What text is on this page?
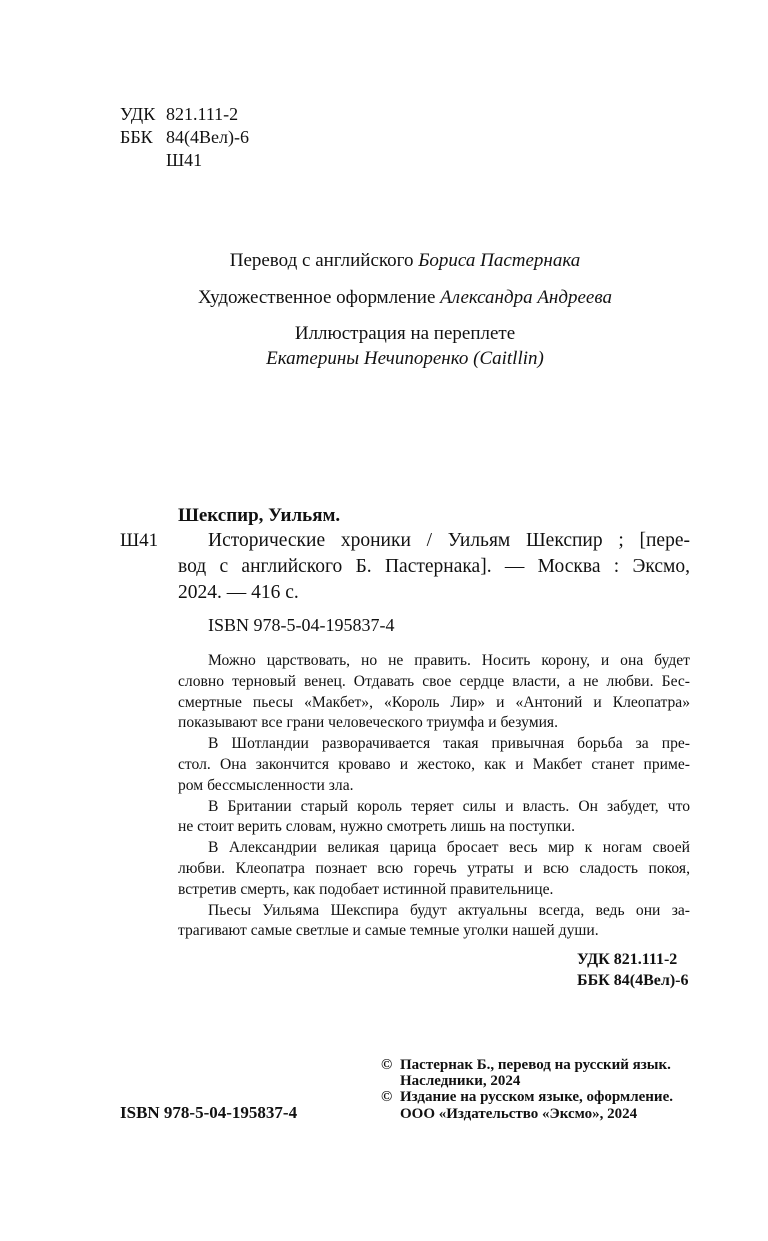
УДК 821.111-2
ББК 84(4Вел)-6
Ш41
Перевод с английского Бориса Пастернака
Художественное оформление Александра Андреева
Иллюстрация на переплете
Екатерины Нечипоренко (Caitllin)
Шекспир, Уильям.
Ш41	Исторические хроники / Уильям Шекспир ; [пере-
вод с английского Б. Пастернака]. — Москва : Эксмо,
2024. — 416 с.
ISBN 978-5-04-195837-4

Можно царствовать, но не править. Носить корону, и она будет
словно терновый венец. Отдавать свое сердце власти, а не любви. Бес-
смертные пьесы «Макбет», «Король Лир» и «Антоний и Клеопатра»
показывают все грани человеческого триумфа и безумия.

В Шотландии разворачивается такая привычная борьба за пре-
стол. Она закончится кроваво и жестоко, как и Макбет станет приме-
ром бессмысленности зла.

В Британии старый король теряет силы и власть. Он забудет, что
не стоит верить словам, нужно смотреть лишь на поступки.

В Александрии великая царица бросает весь мир к ногам своей
любви. Клеопатра познает всю горечь утраты и всю сладость покоя,
встретив смерть, как подобает истинной правительнице.

Пьесы Уильяма Шекспира будут актуальны всегда, ведь они за-
трагивают самые светлые и самые темные уголки нашей души.

УДК 821.111-2
ББК 84(4Вел)-6
ISBN 978-5-04-195837-4
© Пастернак Б., перевод на русский язык.
Наследники, 2024
© Издание на русском языке, оформление.
ООО «Издательство «Эксмо», 2024
